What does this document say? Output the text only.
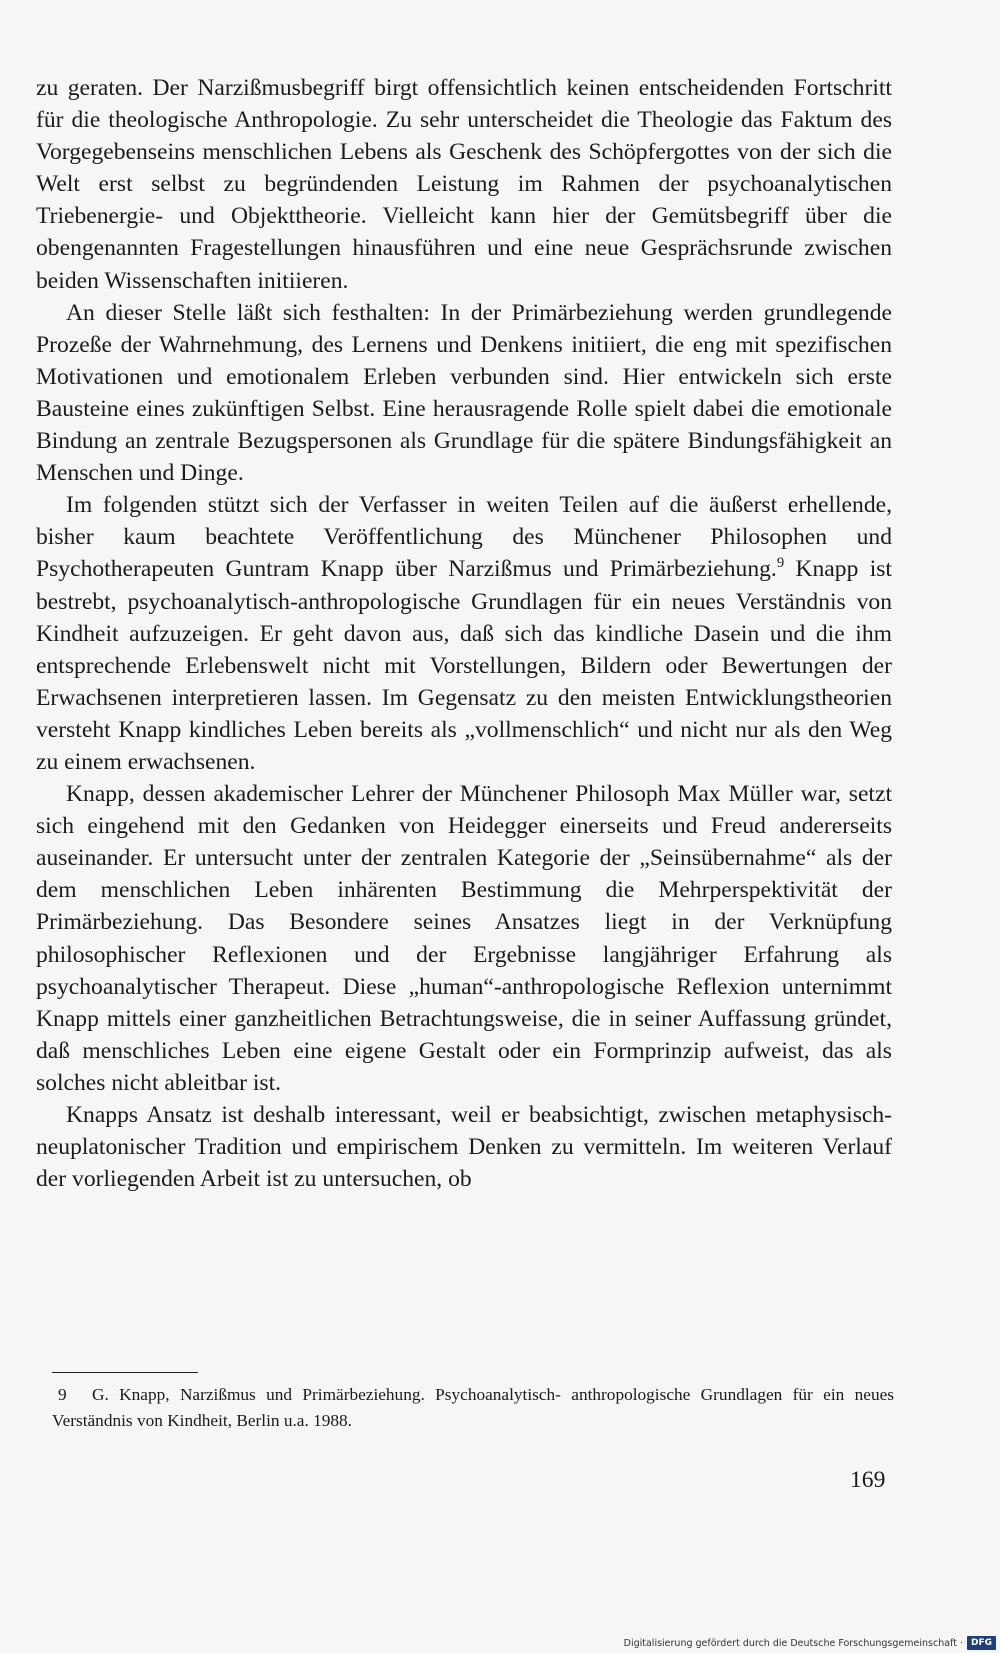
zu geraten. Der Narzißmusbegriff birgt offensichtlich keinen entscheidenden Fortschritt für die theologische Anthropologie. Zu sehr unterscheidet die Theologie das Faktum des Vorgegebenseins menschlichen Lebens als Geschenk des Schöpfergottes von der sich die Welt erst selbst zu begründenden Leistung im Rahmen der psychoanalytischen Triebenergie- und Objekttheorie. Vielleicht kann hier der Gemütsbegriff über die obengenannten Fragestellungen hinausführen und eine neue Gesprächsrunde zwischen beiden Wissenschaften initiieren.

An dieser Stelle läßt sich festhalten: In der Primärbeziehung werden grundlegende Prozeße der Wahrnehmung, des Lernens und Denkens initiiert, die eng mit spezifischen Motivationen und emotionalem Erleben verbunden sind. Hier entwickeln sich erste Bausteine eines zukünftigen Selbst. Eine herausragende Rolle spielt dabei die emotionale Bindung an zentrale Bezugspersonen als Grundlage für die spätere Bindungsfähigkeit an Menschen und Dinge.

Im folgenden stützt sich der Verfasser in weiten Teilen auf die äußerst erhellende, bisher kaum beachtete Veröffentlichung des Münchener Philosophen und Psychotherapeuten Guntram Knapp über Narzißmus und Primärbeziehung.$^9$ Knapp ist bestrebt, psychoanalytisch-anthropologische Grundlagen für ein neues Verständnis von Kindheit aufzuzeigen. Er geht davon aus, daß sich das kindliche Dasein und die ihm entsprechende Erlebenswelt nicht mit Vorstellungen, Bildern oder Bewertungen der Erwachsenen interpretieren lassen. Im Gegensatz zu den meisten Entwicklungstheorien versteht Knapp kindliches Leben bereits als „vollmenschlich“ und nicht nur als den Weg zu einem erwachsenen.

Knapp, dessen akademischer Lehrer der Münchener Philosoph Max Müller war, setzt sich eingehend mit den Gedanken von Heidegger einerseits und Freud andererseits auseinander. Er untersucht unter der zentralen Kategorie der „Seinsübernahme“ als der dem menschlichen Leben inhärenten Bestimmung die Mehrperspektivität der Primärbeziehung. Das Besondere seines Ansatzes liegt in der Verknüpfung philosophischer Reflexionen und der Ergebnisse langjähriger Erfahrung als psychoanalytischer Therapeut. Diese „human“-anthropologische Reflexion unternimmt Knapp mittels einer ganzheitlichen Betrachtungsweise, die in seiner Auffassung gründet, daß menschliches Leben eine eigene Gestalt oder ein Formprinzip aufweist, das als solches nicht ableitbar ist.

Knapps Ansatz ist deshalb interessant, weil er beabsichtigt, zwischen metaphysisch-neuplatonischer Tradition und empirischem Denken zu vermitteln. Im weiteren Verlauf der vorliegenden Arbeit ist zu untersuchen, ob

9 G. Knapp, Narzißmus und Primärbeziehung. Psychoanalytisch- anthropologische Grundlagen für ein neues Verständnis von Kindheit, Berlin u.a. 1988.

169
Digitalisierung gefördert durch die Deutsche Forschungsgemeinschaft · DFG
